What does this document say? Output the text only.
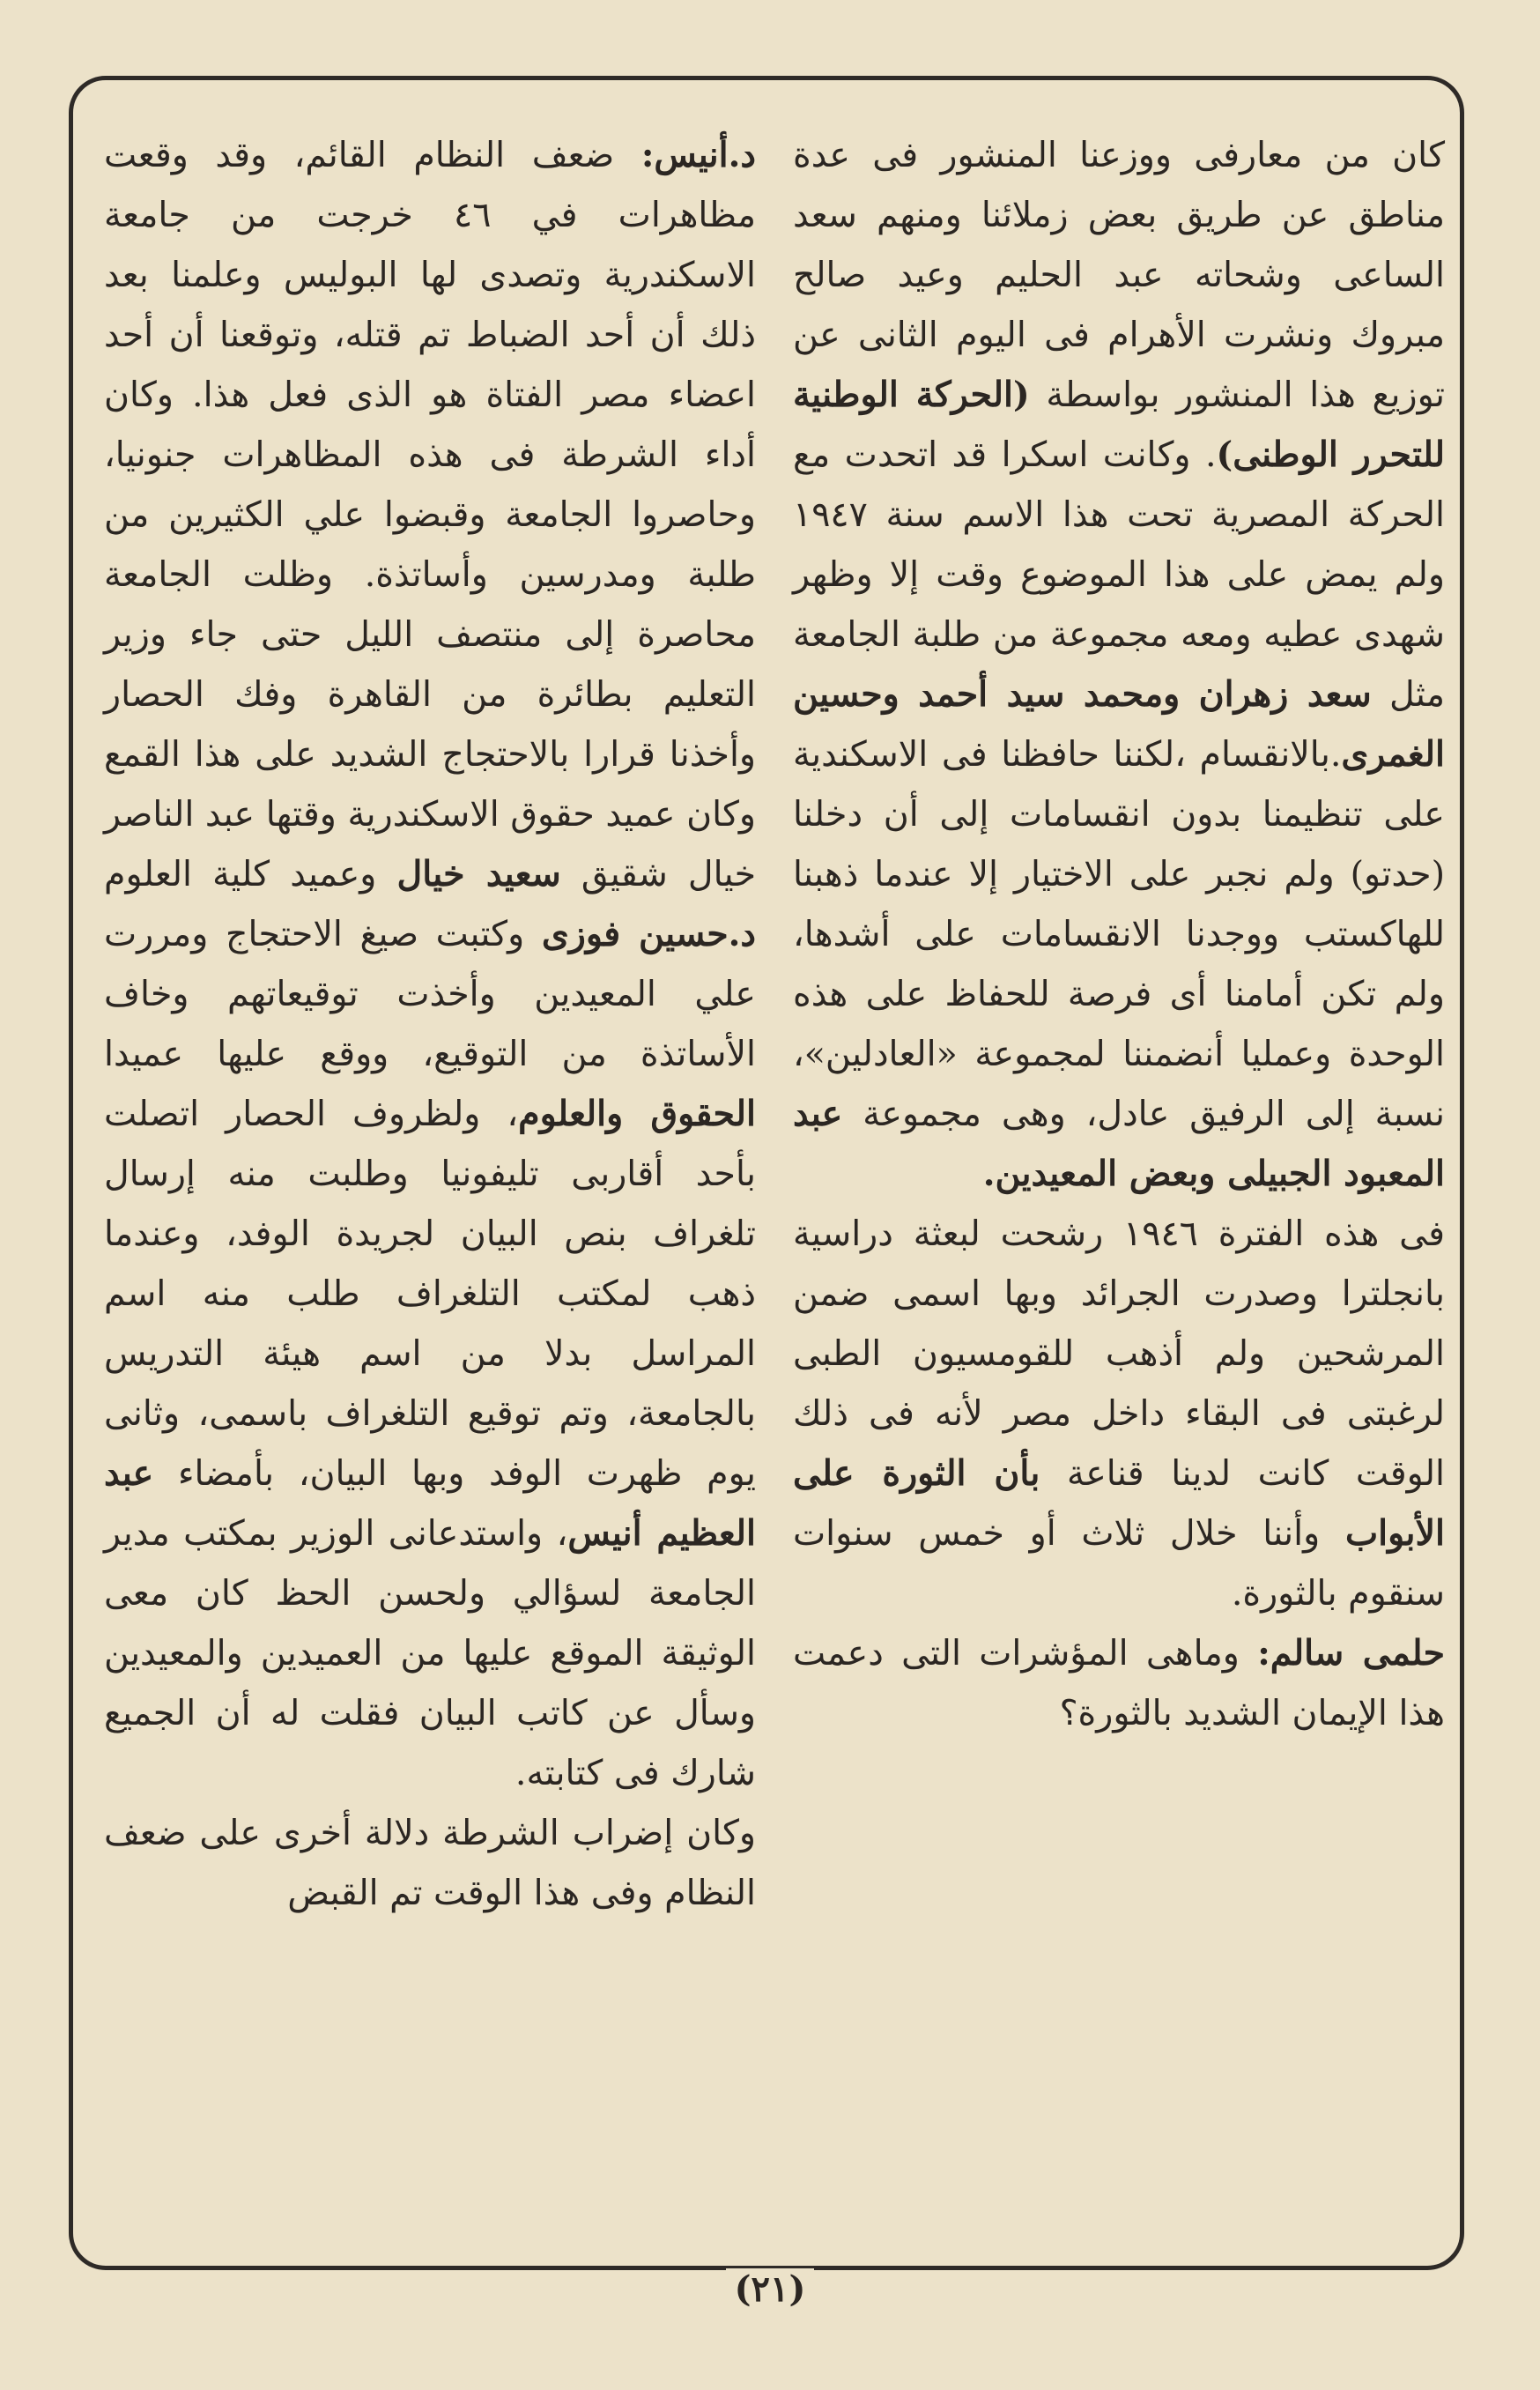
كان من معارفى ووزعنا المنشور فى عدة مناطق عن طريق بعض زملائنا ومنهم سعد الساعى وشحاته عبد الحليم وعيد صالح مبروك ونشرت الأهرام فى اليوم الثانى عن توزيع هذا المنشور بواسطة (الحركة الوطنية للتحرر الوطنى). وكانت اسكرا قد اتحدت مع الحركة المصرية تحت هذا الاسم سنة ١٩٤٧ ولم يمض على هذا الموضوع وقت إلا وظهر شهدى عطيه ومعه مجموعة من طلبة الجامعة مثل سعد زهران ومحمد سيد أحمد وحسين الغمرى.بالانقسام ،لكننا حافظنا فى الاسكندية على تنظيمنا بدون انقسامات إلى أن دخلنا (حدتو) ولم نجبر على الاختيار إلا عندما ذهبنا للهاكستب ووجدنا الانقسامات على أشدها، ولم تكن أمامنا أى فرصة للحفاظ على هذه الوحدة وعمليا أنضمننا لمجموعة «العادلين»، نسبة إلى الرفيق عادل، وهى مجموعة عبد المعبود الجبيلى وبعض المعيدين.

فى هذه الفترة ١٩٤٦ رشحت لبعثة دراسية بانجلترا وصدرت الجرائد وبها اسمى ضمن المرشحين ولم أذهب للقومسيون الطبى لرغبتى فى البقاء داخل مصر لأنه فى ذلك الوقت كانت لدينا قناعة بأن الثورة على الأبواب وأننا خلال ثلاث أو خمس سنوات سنقوم بالثورة.

حلمى سالم: وماهى المؤشرات التى دعمت هذا الإيمان الشديد بالثورة؟

د.أنيس: ضعف النظام القائم، وقد وقعت مظاهرات في ٤٦ خرجت من جامعة الاسكندرية وتصدى لها البوليس وعلمنا بعد ذلك أن أحد الضباط تم قتله، وتوقعنا أن أحد اعضاء مصر الفتاة هو الذى فعل هذا. وكان أداء الشرطة فى هذه المظاهرات جنونيا، وحاصروا الجامعة وقبضوا علي الكثيرين من طلبة ومدرسين وأساتذة. وظلت الجامعة محاصرة إلى منتصف الليل حتى جاء وزير التعليم بطائرة من القاهرة وفك الحصار وأخذنا قرارا بالاحتجاج الشديد على هذا القمع وكان عميد حقوق الاسكندرية وقتها عبد الناصر خيال شقيق سعيد خيال وعميد كلية العلوم د.حسين فوزى وكتبت صيغ الاحتجاج ومررت علي المعيدين وأخذت توقيعاتهم وخاف الأساتذة من التوقيع، ووقع عليها عميدا الحقوق والعلوم، ولظروف الحصار اتصلت بأحد أقاربى تليفونيا وطلبت منه إرسال تلغراف بنص البيان لجريدة الوفد، وعندما ذهب لمكتب التلغراف طلب منه اسم المراسل بدلا من اسم هيئة التدريس بالجامعة، وتم توقيع التلغراف باسمى، وثانى يوم ظهرت الوفد وبها البيان، بأمضاء عبد العظيم أنيس، واستدعانى الوزير بمكتب مدير الجامعة لسؤالي ولحسن الحظ كان معى الوثيقة الموقع عليها من العميدين والمعيدين وسأل عن كاتب البيان فقلت له أن الجميع شارك فى كتابته.

وكان إضراب الشرطة دلالة أخرى على ضعف النظام وفى هذا الوقت تم القبض

(٢١)
